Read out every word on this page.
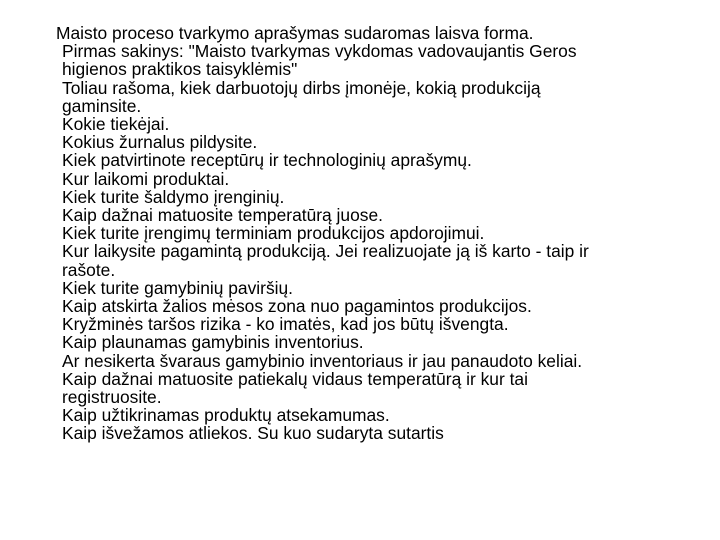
Maisto proceso tvarkymo aprašymas sudaromas laisva forma.
Pirmas sakinys: "Maisto tvarkymas vykdomas vadovaujantis Geros
higienos praktikos taisyklėmis"
Toliau rašoma, kiek darbuotojų dirbs įmonėje, kokią produkciją
gaminsite.
Kokie tiekėjai.
Kokius žurnalus pildysite.
Kiek patvirtinote receptūrų ir technologinių aprašymų.
Kur laikomi produktai.
Kiek turite šaldymo įrenginių.
Kaip dažnai matuosite temperatūrą juose.
Kiek turite įrengimų terminiam produkcijos apdorojimui.
Kur laikysite pagamintą produkciją. Jei realizuojate ją iš karto - taip ir
rašote.
Kiek turite gamybinių paviršių.
Kaip atskirta žalios mėsos zona nuo pagamintos produkcijos.
Kryžminės taršos rizika - ko imatės, kad jos būtų išvengta.
Kaip plaunamas gamybinis inventorius.
Ar nesikerta švaraus gamybinio inventoriaus ir jau panaudoto keliai.
Kaip dažnai matuosite patiekalų vidaus temperatūrą ir kur tai
registruosite.
Kaip užtikrinamas produktų atsekamumas.
Kaip išvežamos atliekos. Su kuo sudaryta sutartis
